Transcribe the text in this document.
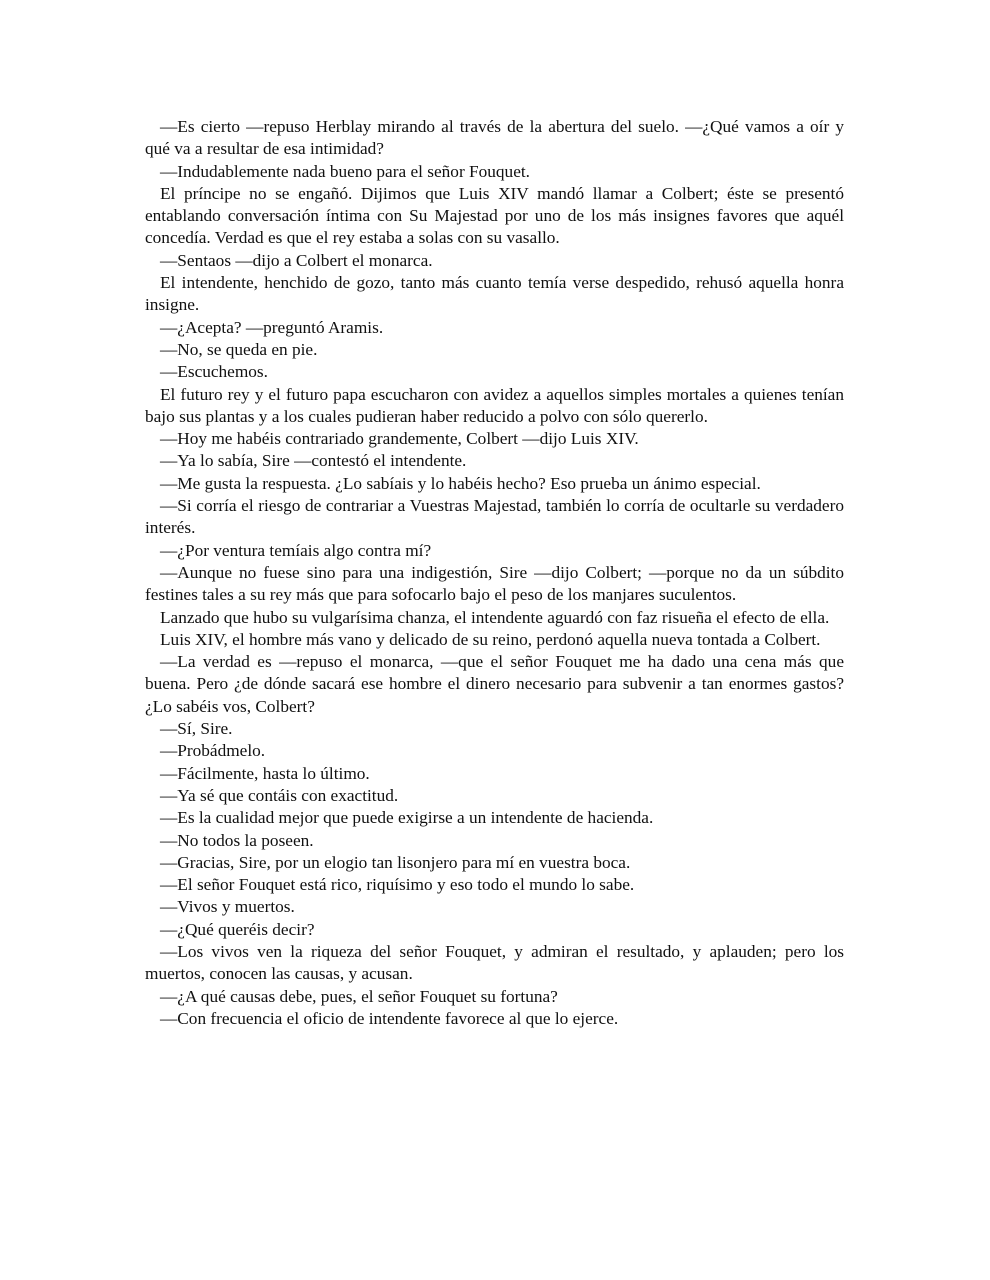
—Es cierto —repuso Herblay mirando al través de la abertura del suelo. —¿Qué vamos a oír y qué va a resultar de esa intimidad?

—Indudablemente nada bueno para el señor Fouquet.

El príncipe no se engañó. Dijimos que Luis XIV mandó llamar a Colbert; éste se presentó entablando conversación íntima con Su Majestad por uno de los más insignes favores que aquél concedía. Verdad es que el rey estaba a solas con su vasallo.

—Sentaos —dijo a Colbert el monarca.

El intendente, henchido de gozo, tanto más cuanto temía verse despedido, rehusó aquella honra insigne.

—¿Acepta? —preguntó Aramis.

—No, se queda en pie.

—Escuchemos.

El futuro rey y el futuro papa escucharon con avidez a aquellos simples mortales a quienes tenían bajo sus plantas y a los cuales pudieran haber reducido a polvo con sólo quererlo.

—Hoy me habéis contrariado grandemente, Colbert —dijo Luis XIV.

—Ya lo sabía, Sire —contestó el intendente.

—Me gusta la respuesta. ¿Lo sabíais y lo habéis hecho? Eso prueba un ánimo especial.

—Si corría el riesgo de contrariar a Vuestras Majestad, también lo corría de ocultarle su verdadero interés.

—¿Por ventura temíais algo contra mí?

—Aunque no fuese sino para una indigestión, Sire —dijo Colbert; —porque no da un súbdito festines tales a su rey más que para sofocarlo bajo el peso de los manjares suculentos.

Lanzado que hubo su vulgarísima chanza, el intendente aguardó con faz risueña el efecto de ella.

Luis XIV, el hombre más vano y delicado de su reino, perdonó aquella nueva tontada a Colbert.

—La verdad es —repuso el monarca, —que el señor Fouquet me ha dado una cena más que buena. Pero ¿de dónde sacará ese hombre el dinero necesario para subvenir a tan enormes gastos? ¿Lo sabéis vos, Colbert?

—Sí, Sire.

—Probádmelo.

—Fácilmente, hasta lo último.

—Ya sé que contáis con exactitud.

—Es la cualidad mejor que puede exigirse a un intendente de hacienda.

—No todos la poseen.

—Gracias, Sire, por un elogio tan lisonjero para mí en vuestra boca.

—El señor Fouquet está rico, riquísimo y eso todo el mundo lo sabe.

—Vivos y muertos.

—¿Qué queréis decir?

—Los vivos ven la riqueza del señor Fouquet, y admiran el resultado, y aplauden; pero los muertos, conocen las causas, y acusan.

—¿A qué causas debe, pues, el señor Fouquet su fortuna?

—Con frecuencia el oficio de intendente favorece al que lo ejerce.
